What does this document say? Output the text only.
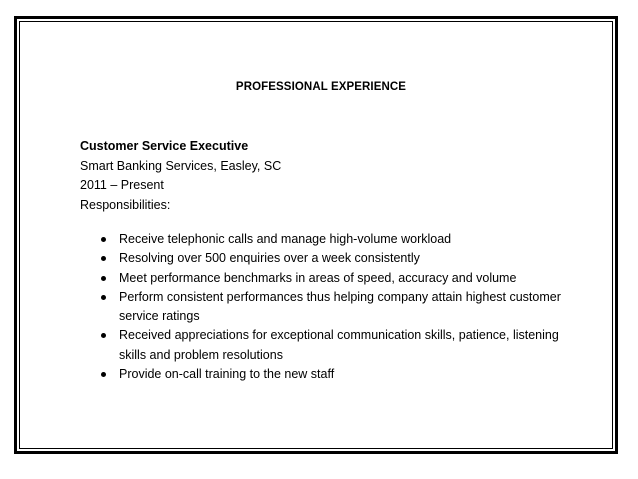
PROFESSIONAL EXPERIENCE
Customer Service Executive
Smart Banking Services, Easley, SC
2011 – Present
Responsibilities:
Receive telephonic calls and manage high-volume workload
Resolving over 500 enquiries over a week consistently
Meet performance benchmarks in areas of speed, accuracy and volume
Perform consistent performances thus helping company attain highest customer service ratings
Received appreciations for exceptional communication skills, patience, listening skills and problem resolutions
Provide on-call training to the new staff
